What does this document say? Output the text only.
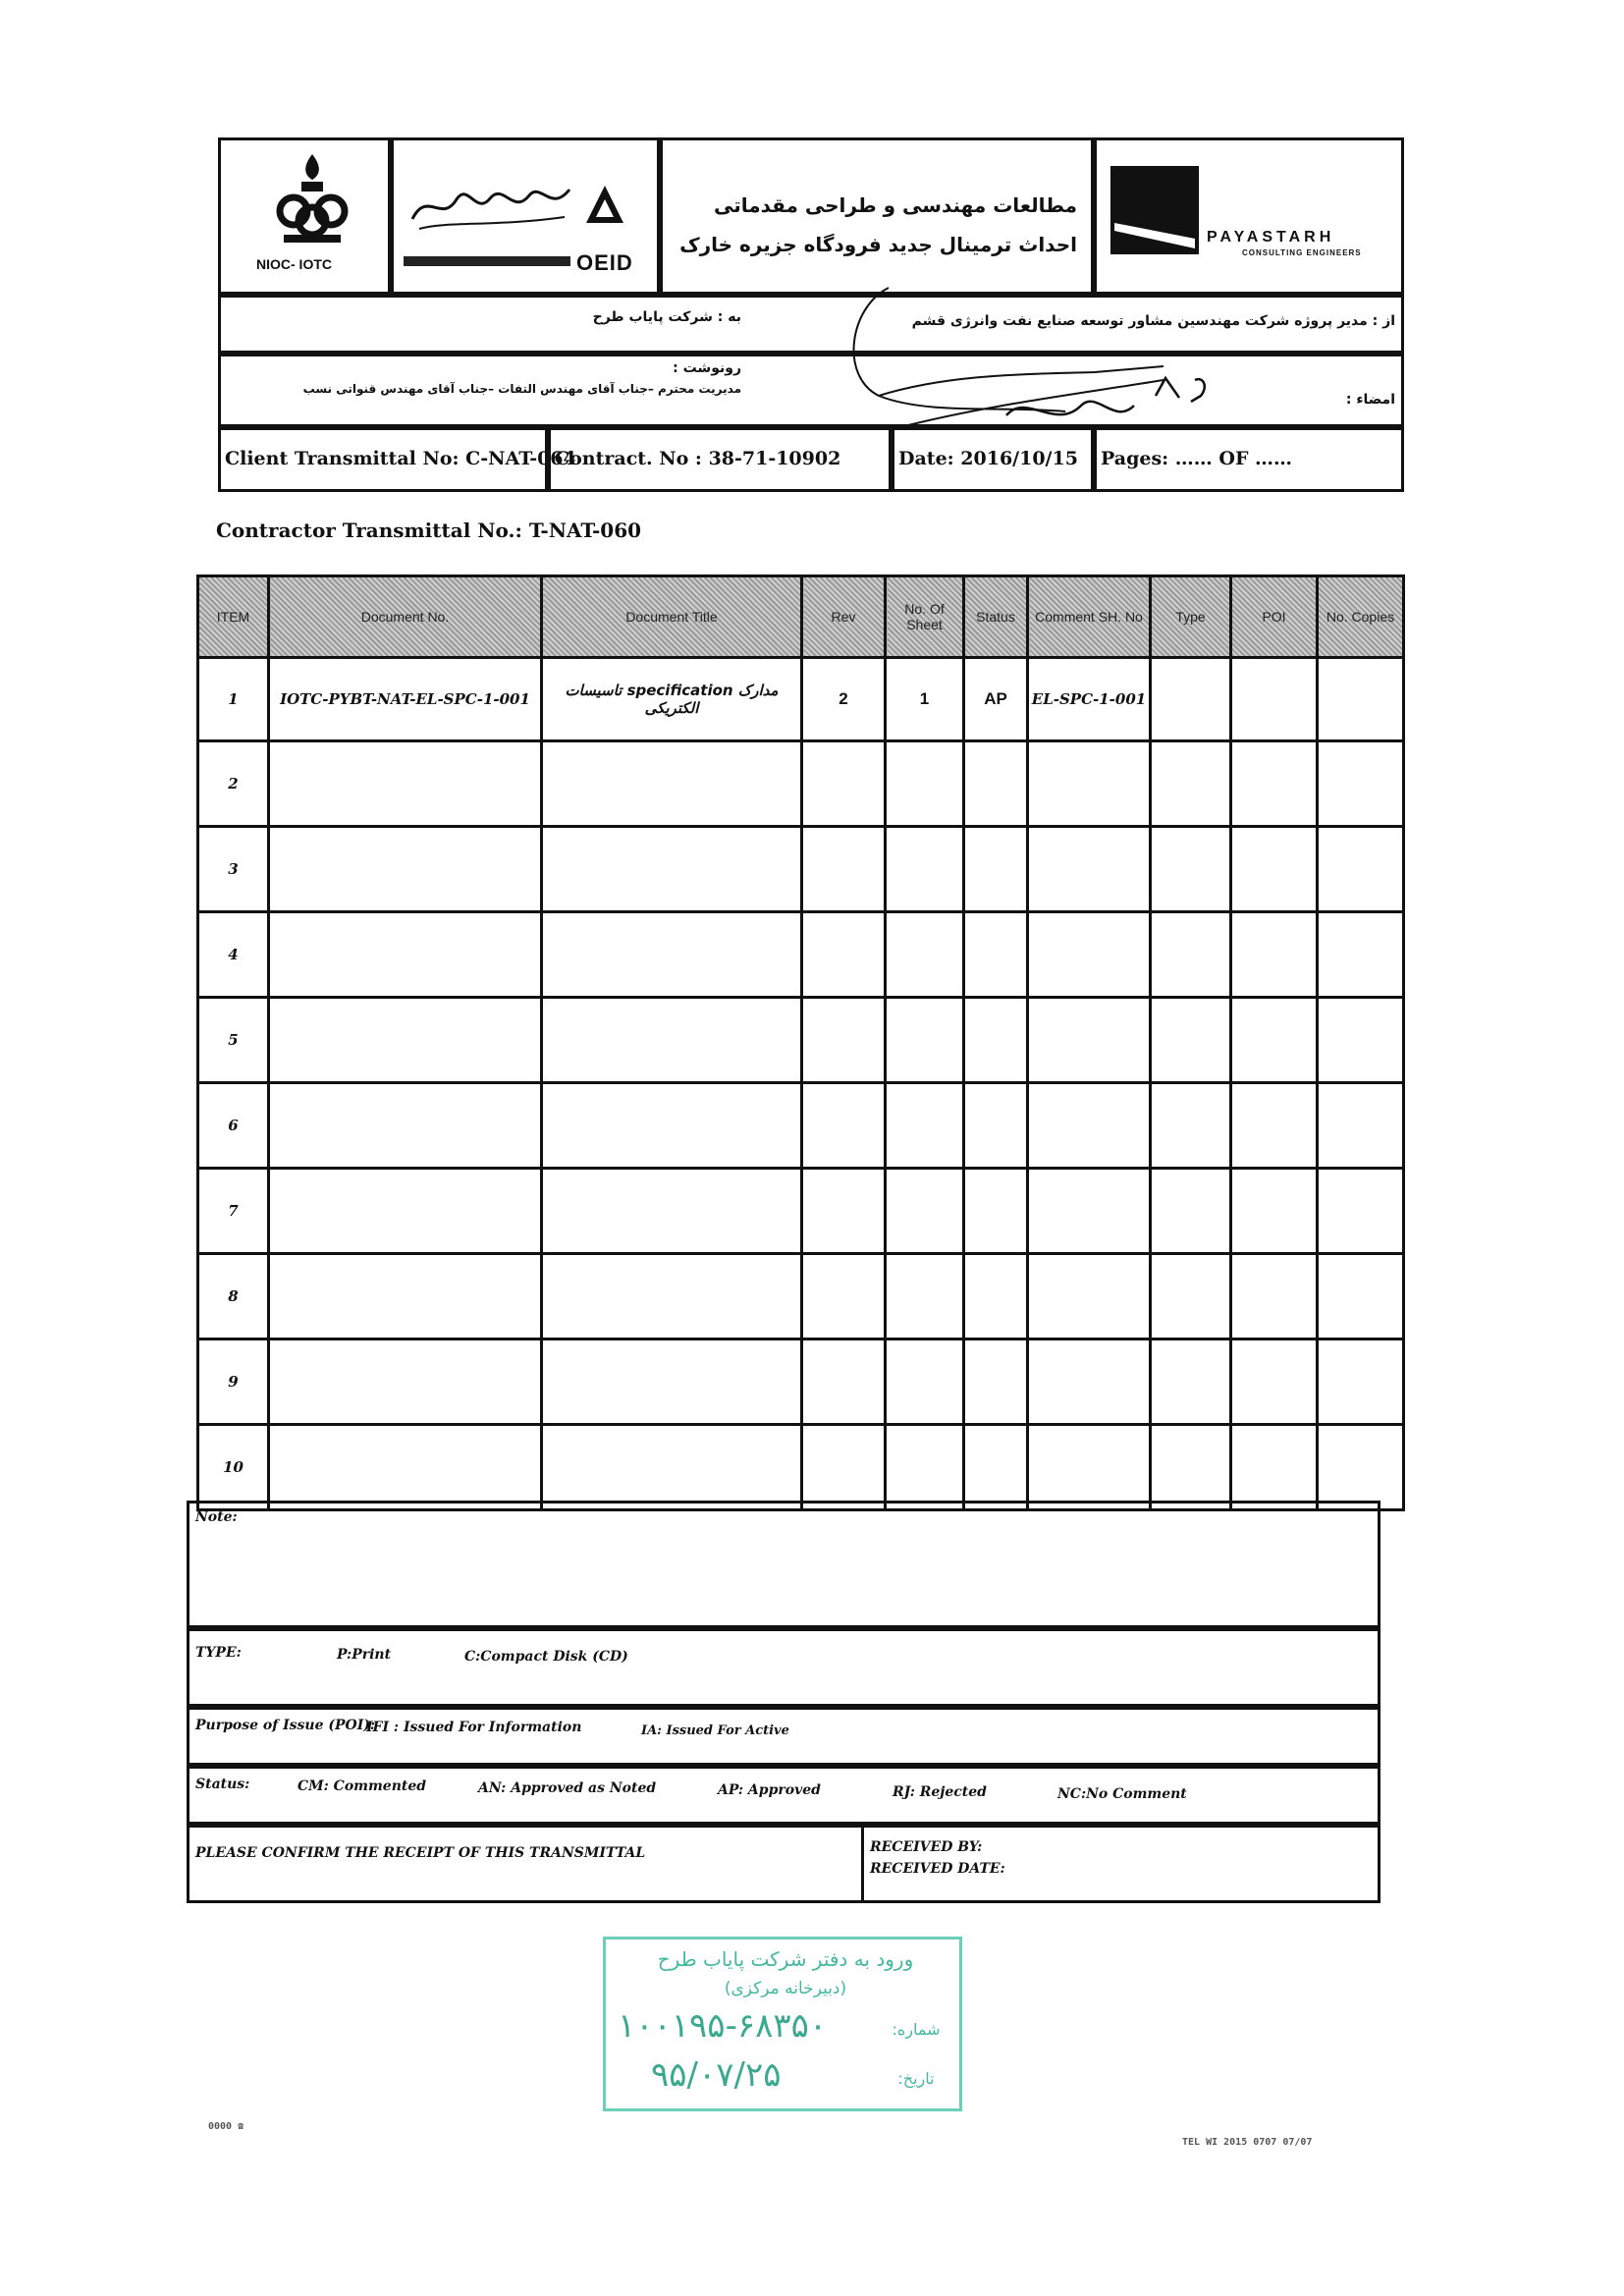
NIOC- IOTC	OEID
مطالعات مهندسی و طراحی مقدماتی احداث ترمینال جدید فرودگاه جزیره خارک	PAYASTARH
CONSULTING ENGINEERS
از : مدیر پروژه شرکت مهندسین مشاور توسعه صنایع نفت وانرژی قشم
به : شرکت پایاب طرح
رونوشت :
مدیریت محترم –جناب آقای مهندس التفات –جناب آقای مهندس قنواتی نسب
امضاء :
Client Transmittal No: C-NAT-064
Contract. No : 38-71-10902	Date: 2016/10/15 Pages: …… OF ……
Contractor Transmittal No.: T-NAT-060
ITEM	Document No.	Document Title	Rev	No. Of Sheet	Status	Comment SH. No	Type	POI	No. Copies
1	IOTC-PYBT-NAT-EL-SPC-1-001	مدارک specification تاسیسات الکتریکی	2	1	AP	EL-SPC-1-001			
2									
3									
4									
5									
6									
7									
8									
9									
10									
Note:
TYPE:	P:Print	C:Compact Disk (CD)
Purpose of Issue (POI):
IFI : Issued For Information	IA: Issued For Active
Status:	CM: Commented	AN: Approved as Noted	AP: Approved	RJ: Rejected	NC:No Comment
PLEASE CONFIRM THE RECEIPT OF THIS TRANSMITTAL	RECEIVED BY:
RECEIVED DATE:
ورود به دفتر شرکت پایاب طرح
(دبیرخانه مرکزی)
شماره:
۱۰۰۱۹۵-۶۸۳۵۰
تاریخ:
۹۵/۰۷/۲۵
0000 ☎
TEL WI 2015 0707 07/07
